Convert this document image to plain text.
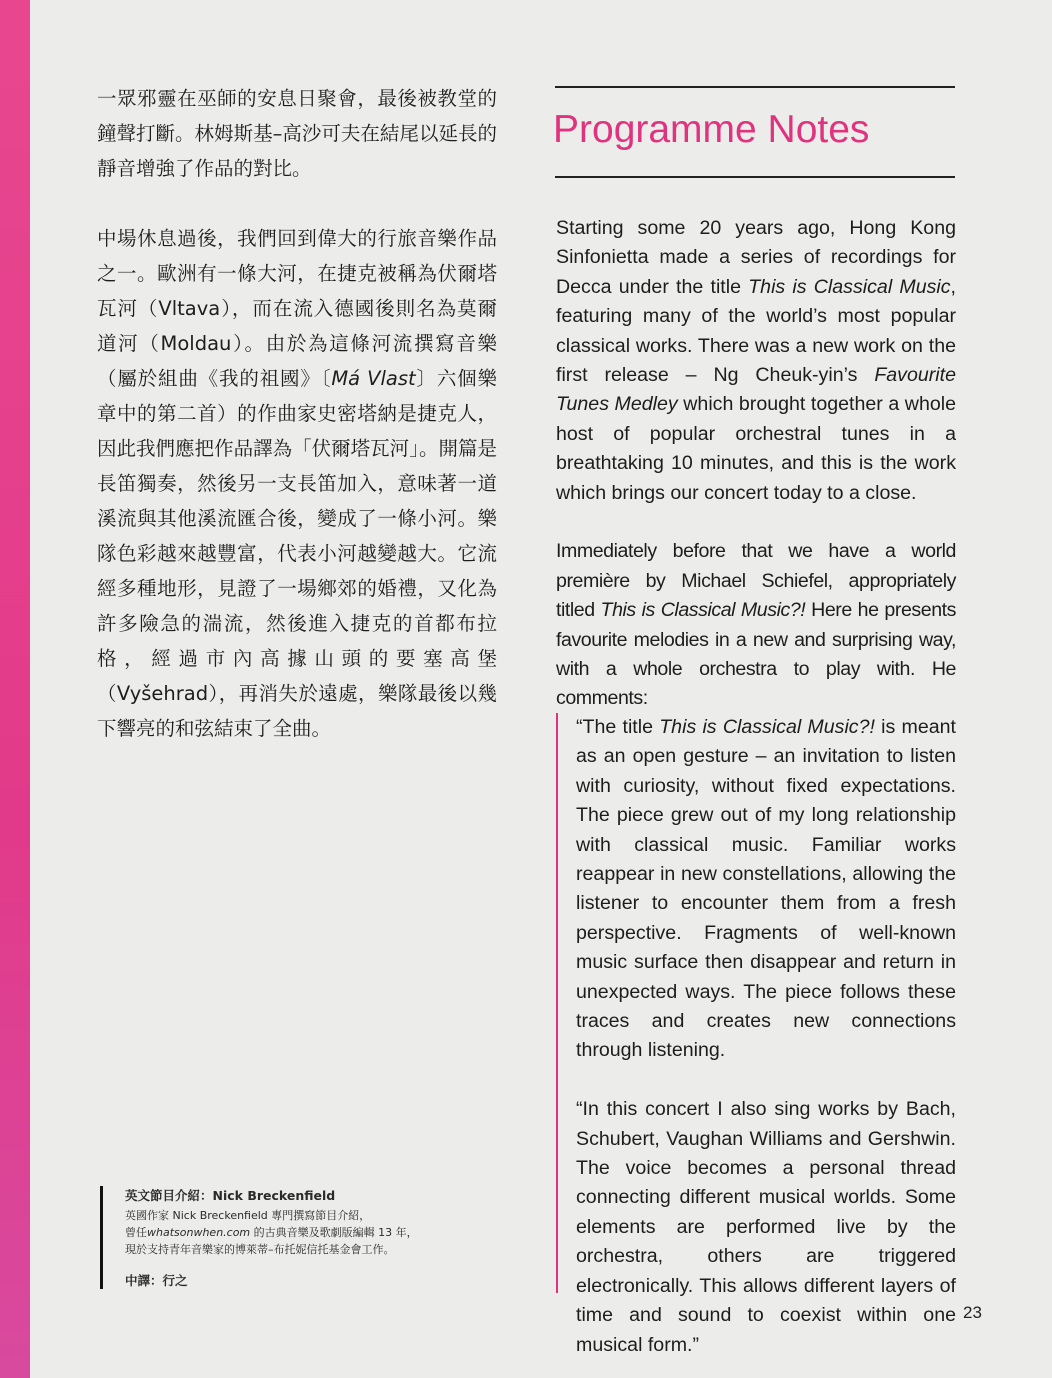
一眾邪靈在巫師的安息日聚會，最後被教堂的鐘聲打斷。林姆斯基–高沙可夫在結尾以延長的靜音增強了作品的對比。

中場休息過後，我們回到偉大的行旅音樂作品之一。歐洲有一條大河，在捷克被稱為伏爾塔瓦河（Vltava），而在流入德國後則名為莫爾道河（Moldau）。由於為這條河流撰寫音樂（屬於組曲《我的祖國》〔Má Vlast〕六個樂章中的第二首）的作曲家史密塔納是捷克人，因此我們應把作品譯為「伏爾塔瓦河」。開篇是長笛獨奏，然後另一支長笛加入，意味著一道溪流與其他溪流匯合後，變成了一條小河。樂隊色彩越來越豐富，代表小河越變越大。它流經多種地形，見證了一場鄉郊的婚禮，又化為許多險急的湍流，然後進入捷克的首都布拉格，經過市內高據山頭的要塞高堡（Vyšehrad），再消失於遠處，樂隊最後以幾下響亮的和弦結束了全曲。

英文節目介紹：Nick Breckenfield
英國作家 Nick Breckenfield 專門撰寫節目介紹，
曾任whatsonwhen.com 的古典音樂及歌劇版編輯 13 年，
現於支持青年音樂家的博萊蒂–布托妮信托基金會工作。
中譯：行之
Programme Notes

Starting some 20 years ago, Hong Kong Sinfonietta made a series of recordings for Decca under the title This is Classical Music, featuring many of the world’s most popular classical works. There was a new work on the first release – Ng Cheuk-yin’s Favourite Tunes Medley which brought together a whole host of popular orchestral tunes in a breathtaking 10 minutes, and this is the work which brings our concert today to a close.

Immediately before that we have a world première by Michael Schiefel, appropriately titled This is Classical Music?! Here he presents favourite melodies in a new and surprising way, with a whole orchestra to play with. He comments:

“The title This is Classical Music?! is meant as an open gesture – an invitation to listen with curiosity, without fixed expectations. The piece grew out of my long relationship with classical music. Familiar works reappear in new constellations, allowing the listener to encounter them from a fresh perspective. Fragments of well-known music surface then disappear and return in unexpected ways. The piece follows these traces and creates new connections through listening.

“In this concert I also sing works by Bach, Schubert, Vaughan Williams and Gershwin. The voice becomes a personal thread connecting different musical worlds. Some elements are performed live by the orchestra, others are triggered electronically. This allows different layers of time and sound to coexist within one musical form.”

23
